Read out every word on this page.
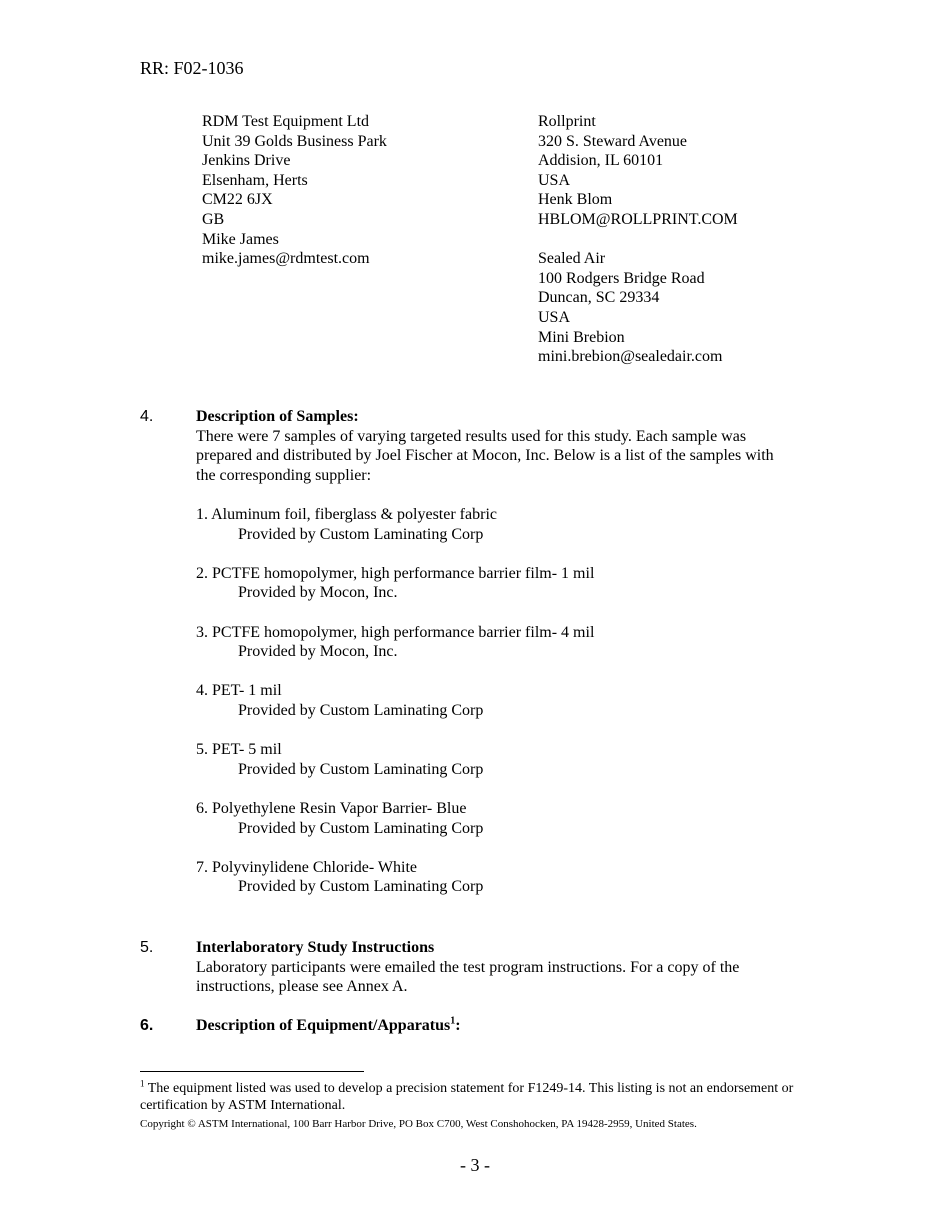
RR: F02-1036
RDM Test Equipment Ltd
Unit 39 Golds Business Park
Jenkins Drive
Elsenham, Herts
CM22 6JX
GB
Mike James
mike.james@rdmtest.com
Rollprint
320 S. Steward Avenue
Addision, IL 60101
USA
Henk Blom
HBLOM@ROLLPRINT.COM
Sealed Air
100 Rodgers Bridge Road
Duncan, SC 29334
USA
Mini Brebion
mini.brebion@sealedair.com
4.	Description of Samples:
There were 7 samples of varying targeted results used for this study. Each sample was prepared and distributed by Joel Fischer at Mocon, Inc. Below is a list of the samples with the corresponding supplier:
1. Aluminum foil, fiberglass & polyester fabric
Provided by Custom Laminating Corp
2. PCTFE homopolymer, high performance barrier film- 1 mil
Provided by Mocon, Inc.
3. PCTFE homopolymer, high performance barrier film- 4 mil
Provided by Mocon, Inc.
4. PET- 1 mil
Provided by Custom Laminating Corp
5. PET- 5 mil
Provided by Custom Laminating Corp
6. Polyethylene Resin Vapor Barrier- Blue
Provided by Custom Laminating Corp
7. Polyvinylidene Chloride- White
Provided by Custom Laminating Corp
5.	Interlaboratory Study Instructions
Laboratory participants were emailed the test program instructions. For a copy of the instructions, please see Annex A.
6.	Description of Equipment/Apparatus$^1$:
$^1$ The equipment listed was used to develop a precision statement for F1249-14. This listing is not an endorsement or certification by ASTM International.
Copyright © ASTM International, 100 Barr Harbor Drive, PO Box C700, West Conshohocken, PA 19428-2959, United States.
- 3 -
